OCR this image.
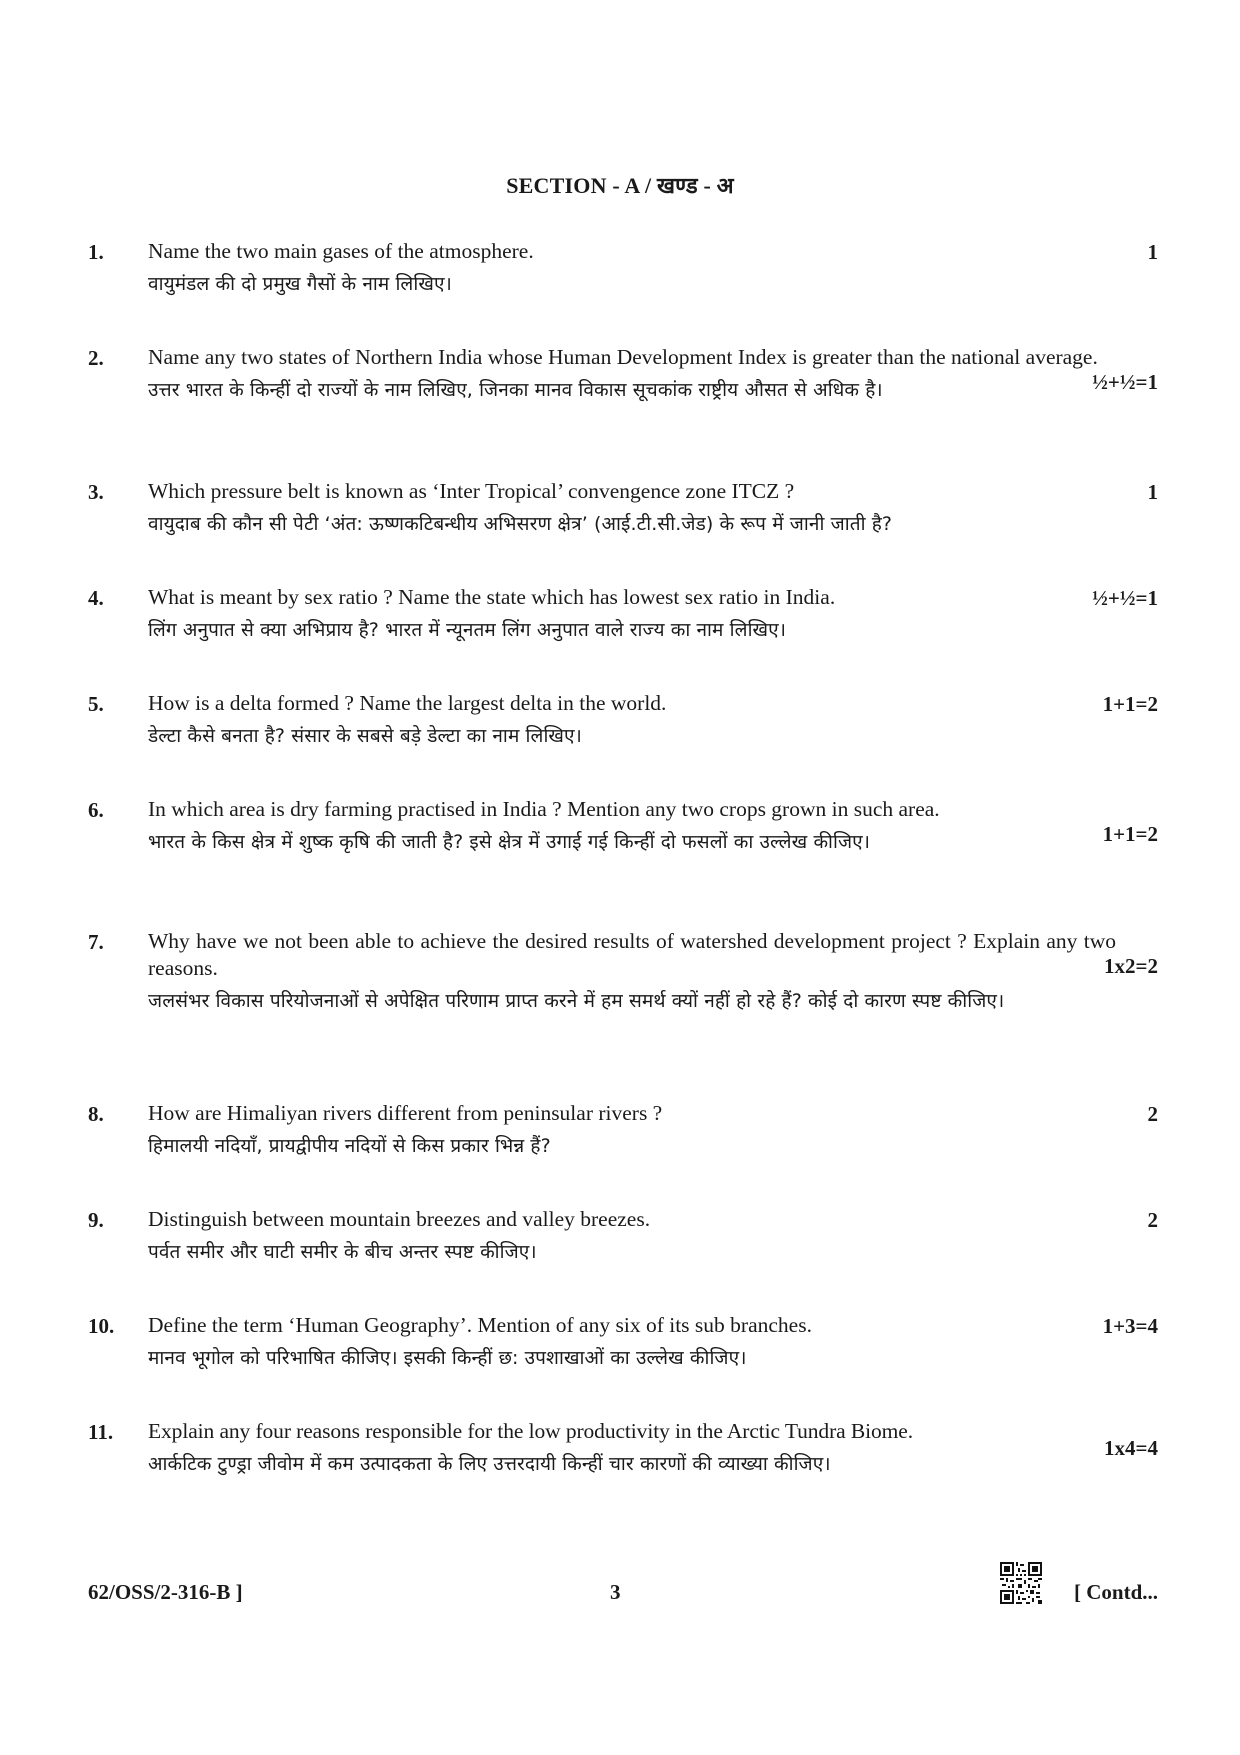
SECTION - A / खण्ड - अ
1. Name the two main gases of the atmosphere.
वायुमंडल की दो प्रमुख गैसों के नाम लिखिए।
1
2. Name any two states of Northern India whose Human Development Index is greater than the national average.
उत्तर भारत के किन्हीं दो राज्यों के नाम लिखिए, जिनका मानव विकास सूचकांक राष्ट्रीय औसत से अधिक है।	½+½=1
3. Which pressure belt is known as ‘Inter Tropical’ convengence zone ITCZ ?
वायुदाब की कौन सी पेटी ‘अंत: ऊष्णकटिबन्धीय अभिसरण क्षेत्र’ (आई.टी.सी.जेड) के रूप में जानी जाती है?
1
4. What is meant by sex ratio ? Name the state which has lowest sex ratio in India.
लिंग अनुपात से क्या अभिप्राय है? भारत में न्यूनतम लिंग अनुपात वाले राज्य का नाम लिखिए।
½+½=1
5. How is a delta formed ? Name the largest delta in the world.
डेल्टा कैसे बनता है? संसार के सबसे बड़े डेल्टा का नाम लिखिए।
1+1=2
6. In which area is dry farming practised in India ? Mention any two crops grown in such area.
भारत के किस क्षेत्र में शुष्क कृषि की जाती है? इसे क्षेत्र में उगाई गई किन्हीं दो फसलों का उल्लेख कीजिए।	1+1=2
7. Why have we not been able to achieve the desired results of watershed development project ? Explain any two reasons.
जलसंभर विकास परियोजनाओं से अपेक्षित परिणाम प्राप्त करने में हम समर्थ क्यों नहीं हो रहे हैं? कोई दो कारण स्पष्ट कीजिए।
1x2=2
8. How are Himaliyan rivers different from peninsular rivers ?
हिमालयी नदियाँ, प्रायद्वीपीय नदियों से किस प्रकार भिन्न हैं?
2
9. Distinguish between mountain breezes and valley breezes.
पर्वत समीर और घाटी समीर के बीच अन्तर स्पष्ट कीजिए।
2
10. Define the term ‘Human Geography’. Mention of any six of its sub branches.
मानव भूगोल को परिभाषित कीजिए। इसकी किन्हीं छ: उपशाखाओं का उल्लेख कीजिए।
1+3=4
11. Explain any four reasons responsible for the low productivity in the Arctic Tundra Biome.
आर्कटिक टुण्ड्रा जीवोम में कम उत्पादकता के लिए उत्तरदायी किन्हीं चार कारणों की व्याख्या कीजिए।
1x4=4
62/OSS/2-316-B ]	3	[ Contd...
